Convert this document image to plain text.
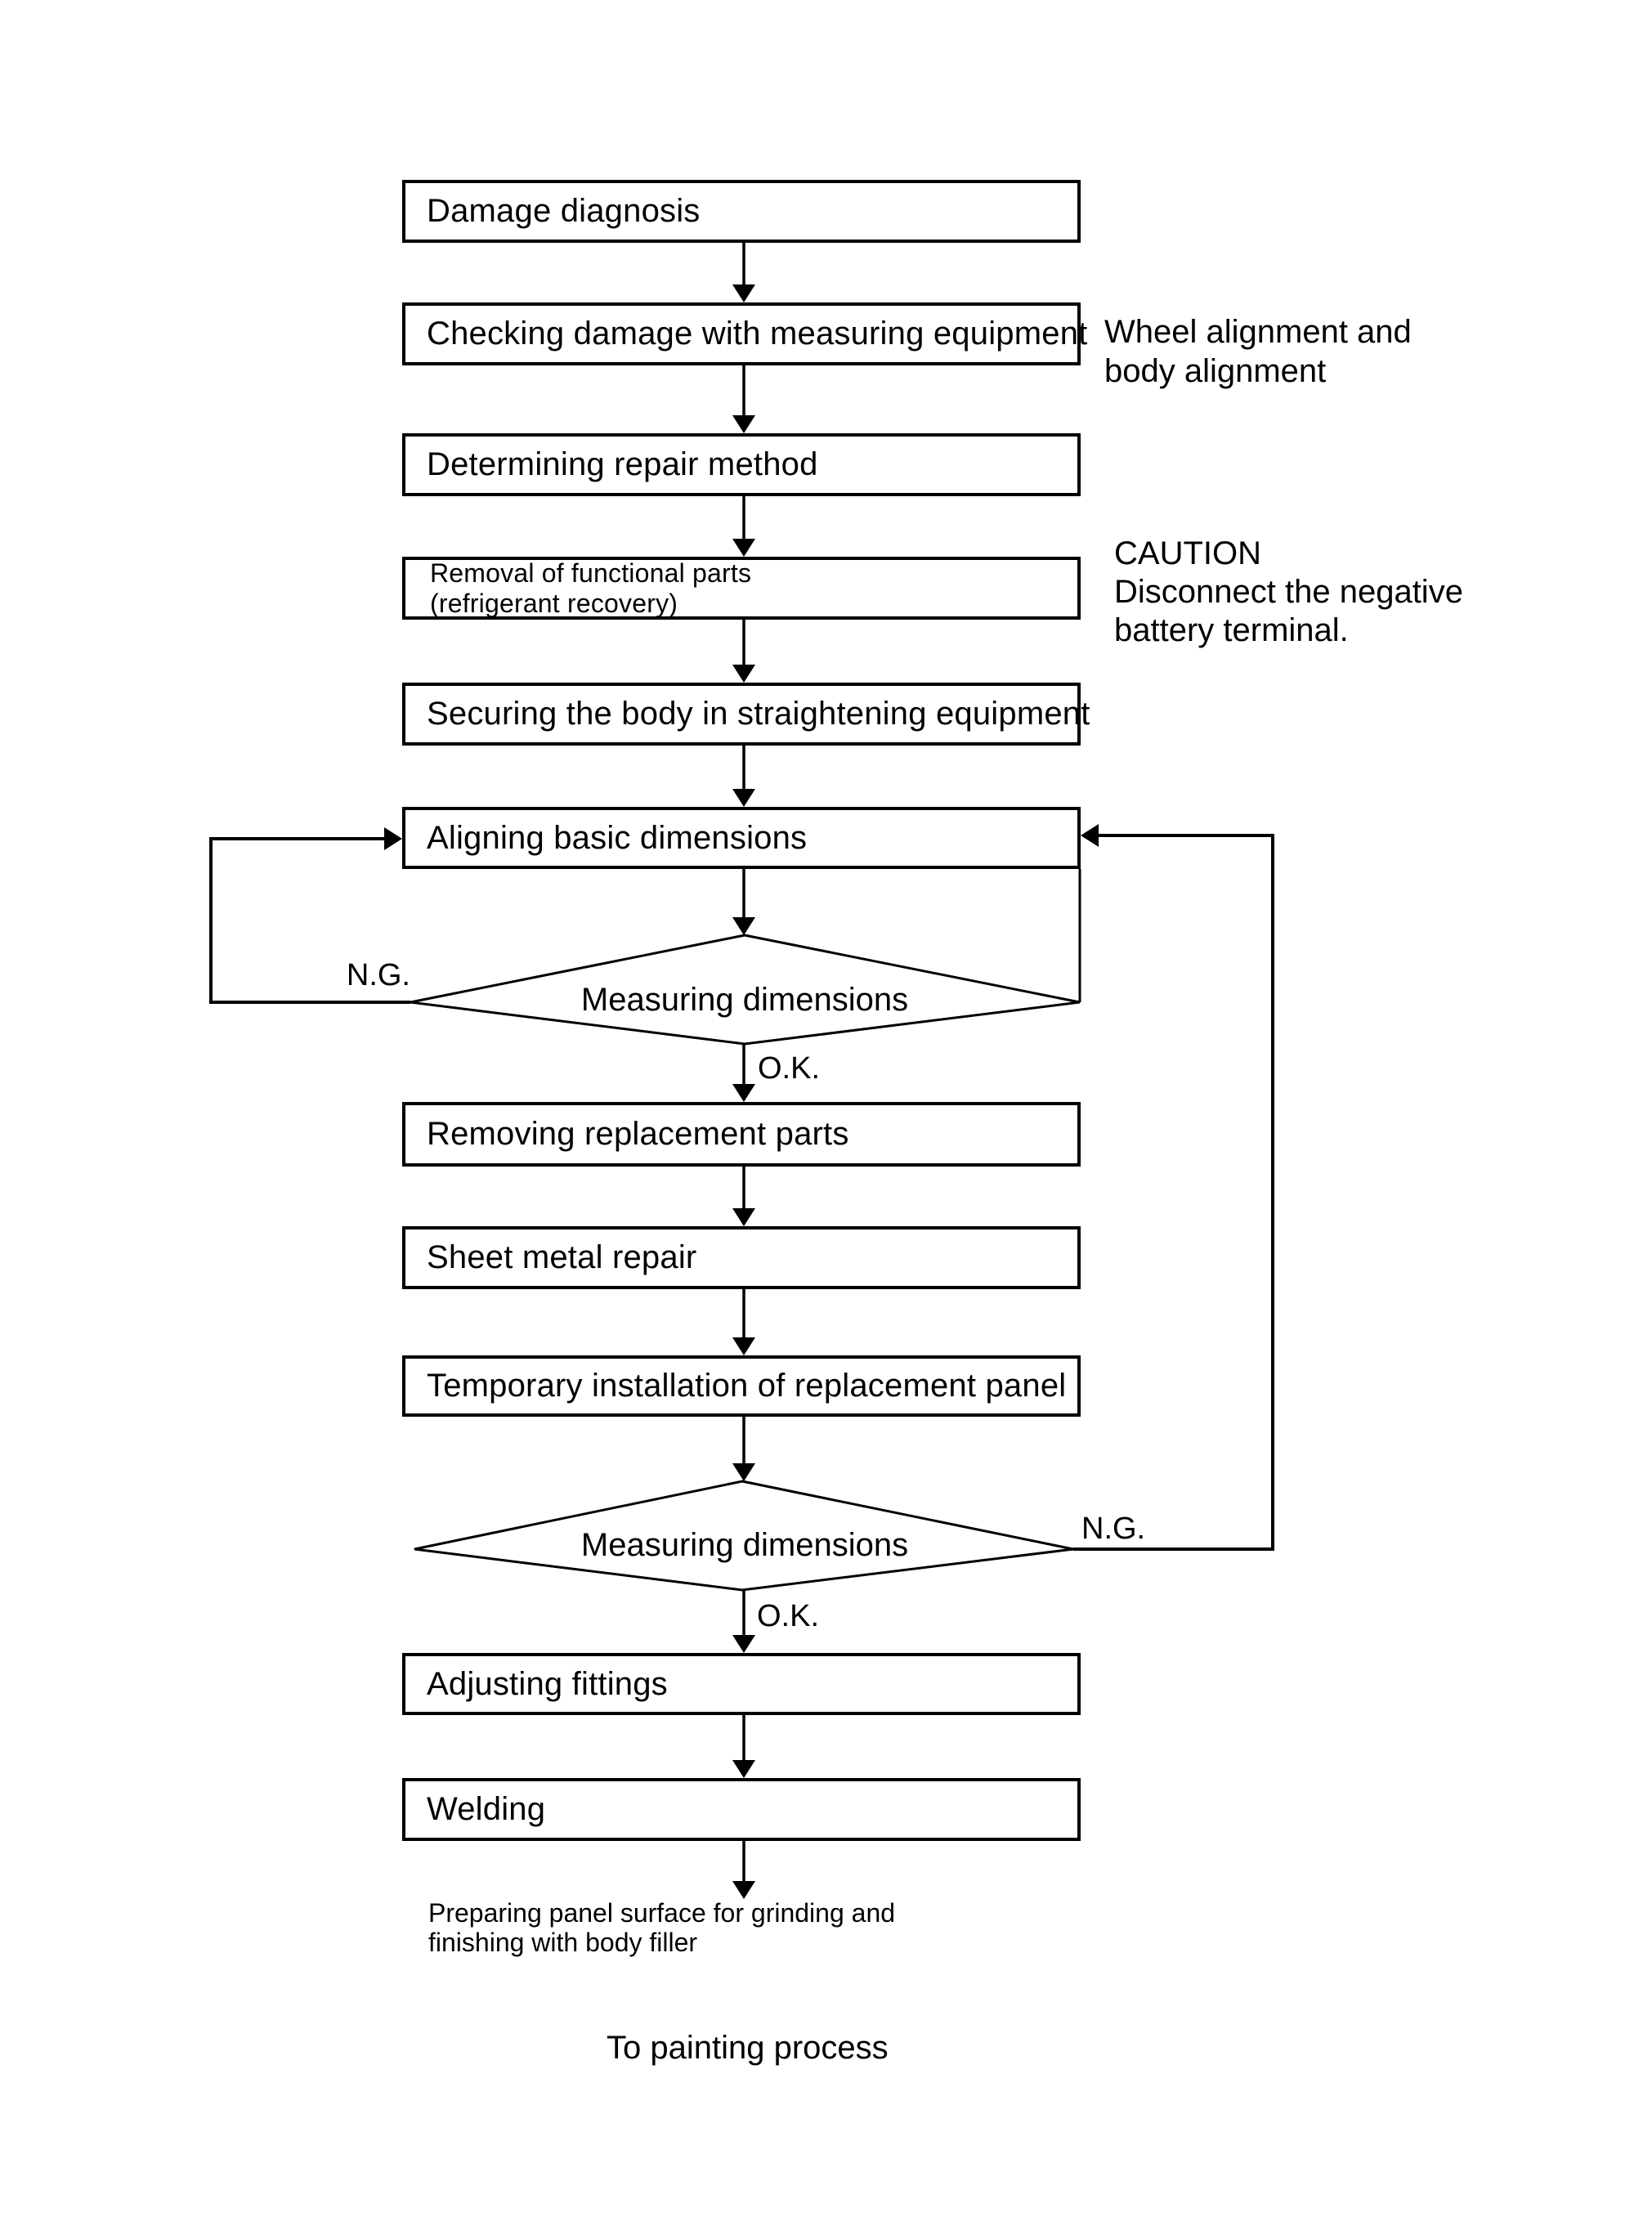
Damage diagnosis
Checking damage with measuring equipment
Determining repair method
Removal of functional parts
(refrigerant recovery)
Securing the body in straightening equipment
Aligning basic dimensions
Removing replacement parts
Sheet metal repair
Temporary installation of replacement panel
Adjusting fittings
Welding
Measuring dimensions
Measuring dimensions
N.G.
O.K.
N.G.
O.K.
Wheel alignment and
body alignment
CAUTION
Disconnect the negative
battery terminal.
Preparing panel surface for grinding and
finishing with body filler
To painting process
